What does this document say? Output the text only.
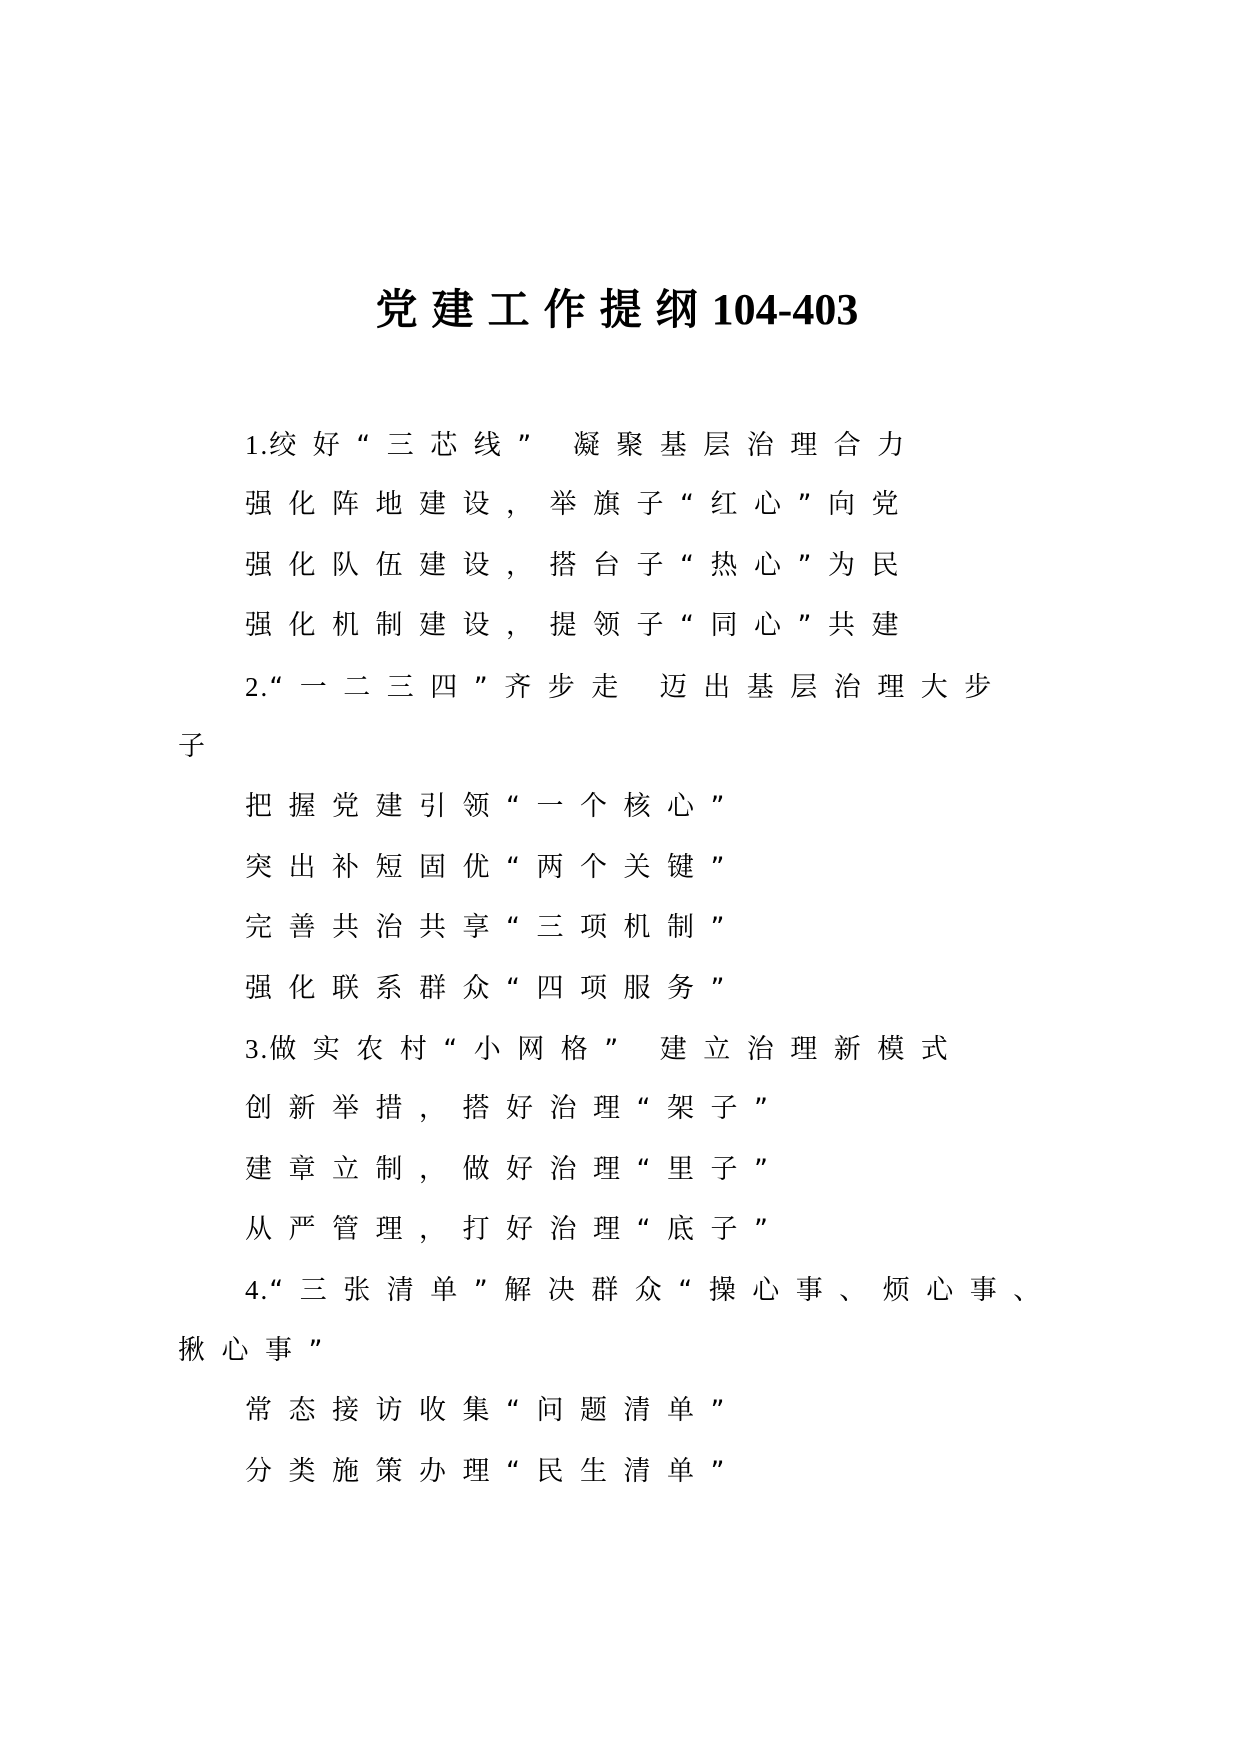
党建工作提纲104-403
1.绞好“三芯线” 凝聚基层治理合力
强化阵地建设，举旗子“红心”向党
强化队伍建设，搭台子“热心”为民
强化机制建设，提领子“同心”共建
2.“一二三四”齐步走 迈出基层治理大步
子
把握党建引领“一个核心”
突出补短固优“两个关键”
完善共治共享“三项机制”
强化联系群众“四项服务”
3.做实农村“小网格” 建立治理新模式
创新举措，搭好治理“架子”
建章立制，做好治理“里子”
从严管理，打好治理“底子”
4.“三张清单”解决群众“操心事、烦心事、
揪心事”
常态接访收集“问题清单”
分类施策办理“民生清单”
